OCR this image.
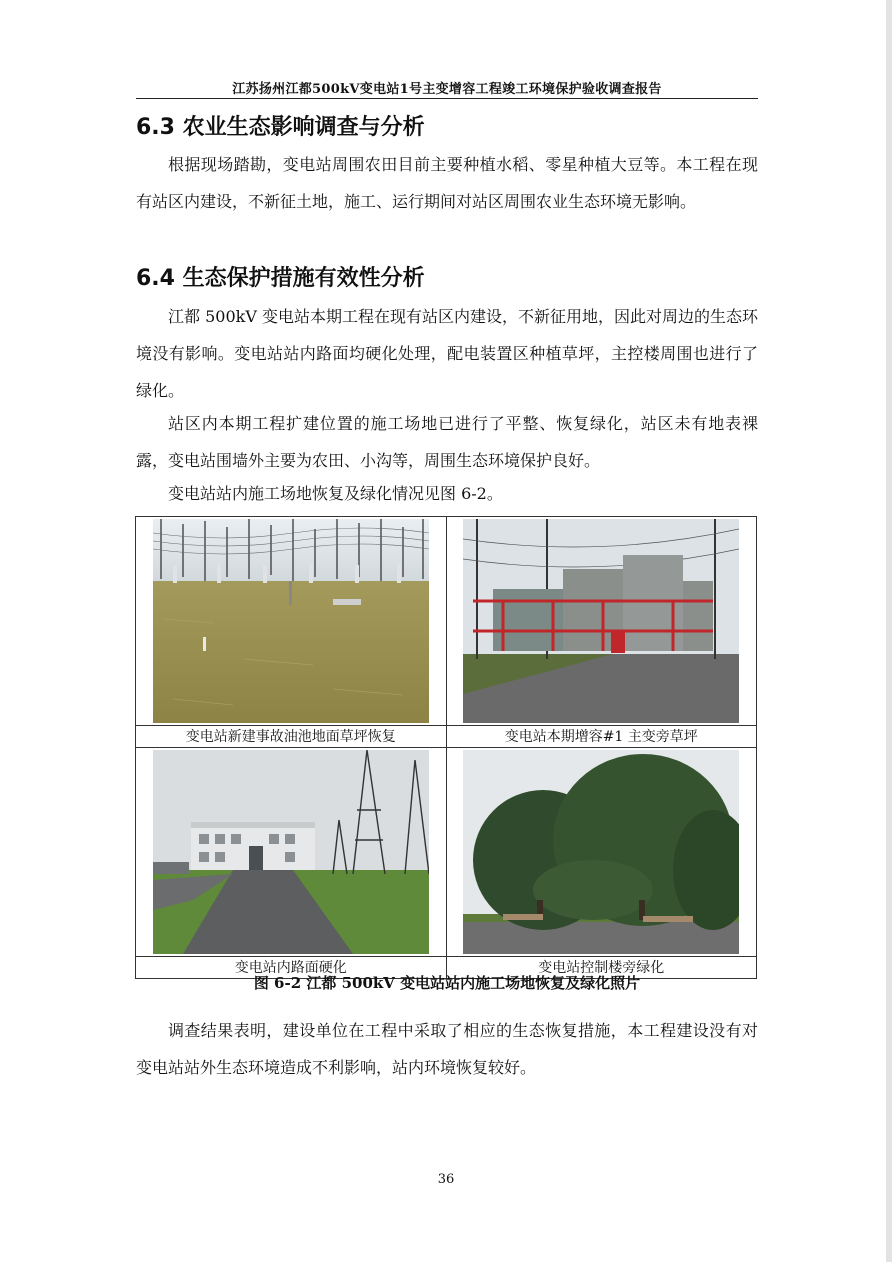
江苏扬州江都500kV变电站1号主变增容工程竣工环境保护验收调查报告
6.3 农业生态影响调查与分析

根据现场踏勘，变电站周围农田目前主要种植水稻、零星种植大豆等。本工程在现有站区内建设，不新征土地，施工、运行期间对站区周围农业生态环境无影响。

6.4 生态保护措施有效性分析

江都 500kV 变电站本期工程在现有站区内建设，不新征用地，因此对周边的生态环境没有影响。变电站站内路面均硬化处理，配电装置区种植草坪，主控楼周围也进行了绿化。

站区内本期工程扩建位置的施工场地已进行了平整、恢复绿化，站区未有地表裸露，变电站围墙外主要为农田、小沟等，周围生态环境保护良好。

变电站站内施工场地恢复及绿化情况见图 6-2。

变电站新建事故油池地面草坪恢复	变电站本期增容#1 主变旁草坪

变电站内路面硬化	变电站控制楼旁绿化
图 6-2 江都 500kV 变电站站内施工场地恢复及绿化照片

调查结果表明，建设单位在工程中采取了相应的生态恢复措施，本工程建设没有对变电站站外生态环境造成不利影响，站内环境恢复较好。

36
